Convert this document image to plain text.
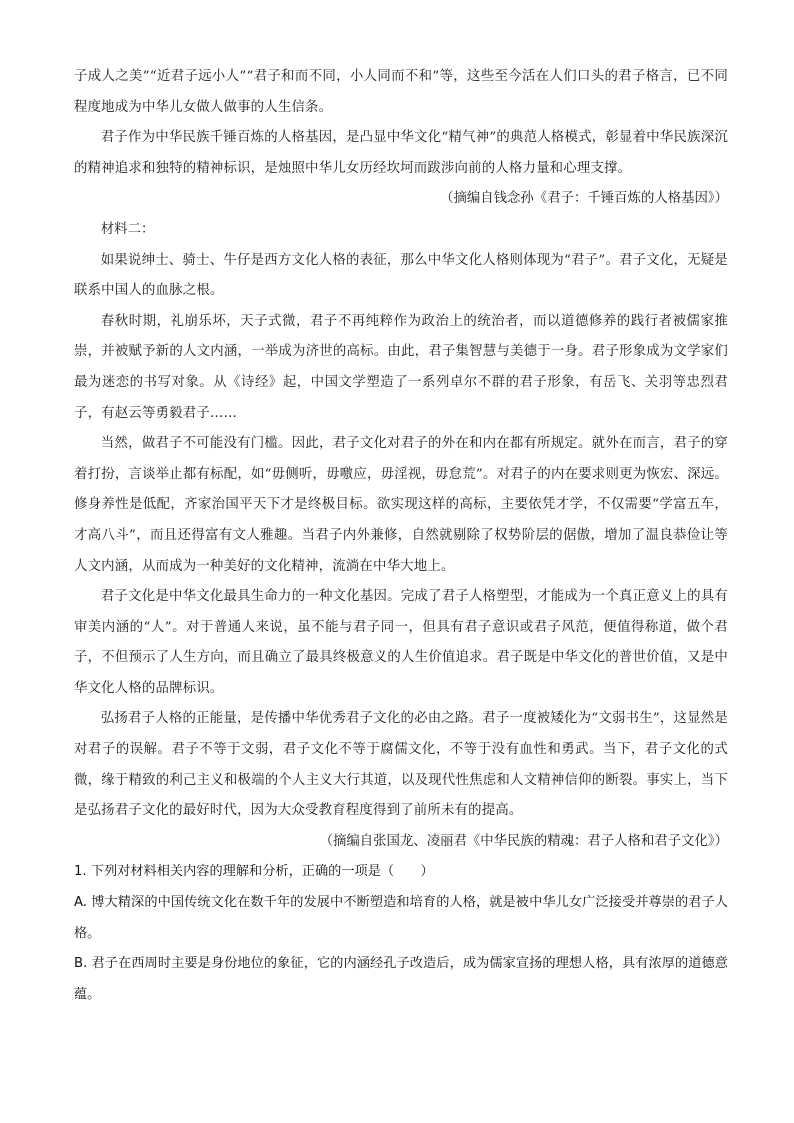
子成人之美”“近君子远小人”“君子和而不同，小人同而不和”等，这些至今活在人们口头的君子格言，已不同程度地成为中华儿女做人做事的人生信条。

君子作为中华民族千锤百炼的人格基因，是凸显中华文化“精气神”的典范人格模式，彰显着中华民族深沉的精神追求和独特的精神标识，是烛照中华儿女历经坎坷而跋涉向前的人格力量和心理支撑。

（摘编自钱念孙《君子：千锤百炼的人格基因》）

材料二：

如果说绅士、骑士、牛仔是西方文化人格的表征，那么中华文化人格则体现为“君子”。君子文化，无疑是联系中国人的血脉之根。

春秋时期，礼崩乐坏，天子式微，君子不再纯粹作为政治上的统治者，而以道德修养的践行者被儒家推崇，并被赋予新的人文内涵，一举成为济世的高标。由此，君子集智慧与美德于一身。君子形象成为文学家们最为迷恋的书写对象。从《诗经》起，中国文学塑造了一系列卓尔不群的君子形象，有岳飞、关羽等忠烈君子，有赵云等勇毅君子……

当然，做君子不可能没有门槛。因此，君子文化对君子的外在和内在都有所规定。就外在而言，君子的穿着打扮，言谈举止都有标配，如“毋侧听，毋噭应，毋淫视，毋怠荒”。对君子的内在要求则更为恢宏、深远。修身养性是低配，齐家治国平天下才是终极目标。欲实现这样的高标，主要依凭才学，不仅需要“学富五车，才高八斗”，而且还得富有文人雅趣。当君子内外兼修，自然就剔除了权势阶层的倨傲，增加了温良恭俭让等人文内涵，从而成为一种美好的文化精神，流淌在中华大地上。

君子文化是中华文化最具生命力的一种文化基因。完成了君子人格塑型，才能成为一个真正意义上的具有审美内涵的“人”。对于普通人来说，虽不能与君子同一，但具有君子意识或君子风范，便值得称道，做个君子，不但预示了人生方向，而且确立了最具终极意义的人生价值追求。君子既是中华文化的普世价值，又是中华文化人格的品牌标识。

弘扬君子人格的正能量，是传播中华优秀君子文化的必由之路。君子一度被矮化为“文弱书生”，这显然是对君子的误解。君子不等于文弱，君子文化不等于腐儒文化，不等于没有血性和勇武。当下，君子文化的式微，缘于精致的利己主义和极端的个人主义大行其道，以及现代性焦虑和人文精神信仰的断裂。事实上，当下是弘扬君子文化的最好时代，因为大众受教育程度得到了前所未有的提高。

（摘编自张国龙、凌丽君《中华民族的精魂：君子人格和君子文化》）

1. 下列对材料相关内容的理解和分析，正确的一项是（　　）

A. 博大精深的中国传统文化在数千年的发展中不断塑造和培育的人格，就是被中华儿女广泛接受并尊崇的君子人格。

B. 君子在西周时主要是身份地位的象征，它的内涵经孔子改造后，成为儒家宣扬的理想人格，具有浓厚的道德意蕴。
